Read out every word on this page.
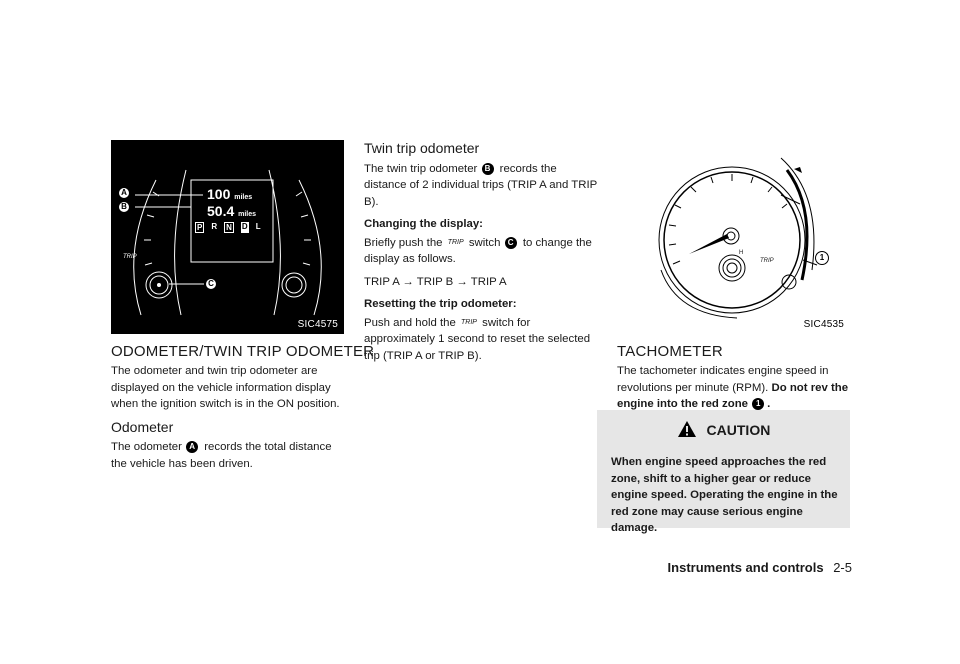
A
B
C
100 miles
50.4 miles
P R N D L
TRIP
SIC4575
ODOMETER/TWIN TRIP ODOMETER

The odometer and twin trip odometer are displayed on the vehicle information display when the ignition switch is in the ON position.

Odometer

The odometer A records the total distance the vehicle has been driven.

Twin trip odometer

The twin trip odometer B records the distance of 2 individual trips (TRIP A and TRIP B).

Changing the display:

Briefly push the TRIP switch C to change the display as follows.

TRIP A → TRIP B → TRIP A

Resetting the trip odometer:

Push and hold the TRIP switch for approximately 1 second to reset the selected trip (TRIP A or TRIP B).

1
TRIP
H
SIC4535
TACHOMETER

The tachometer indicates engine speed in revolutions per minute (RPM). Do not rev the engine into the red zone 1 .

CAUTION
When engine speed approaches the red zone, shift to a higher gear or reduce engine speed. Operating the engine in the red zone may cause serious engine damage.
Instruments and controls 2-5
